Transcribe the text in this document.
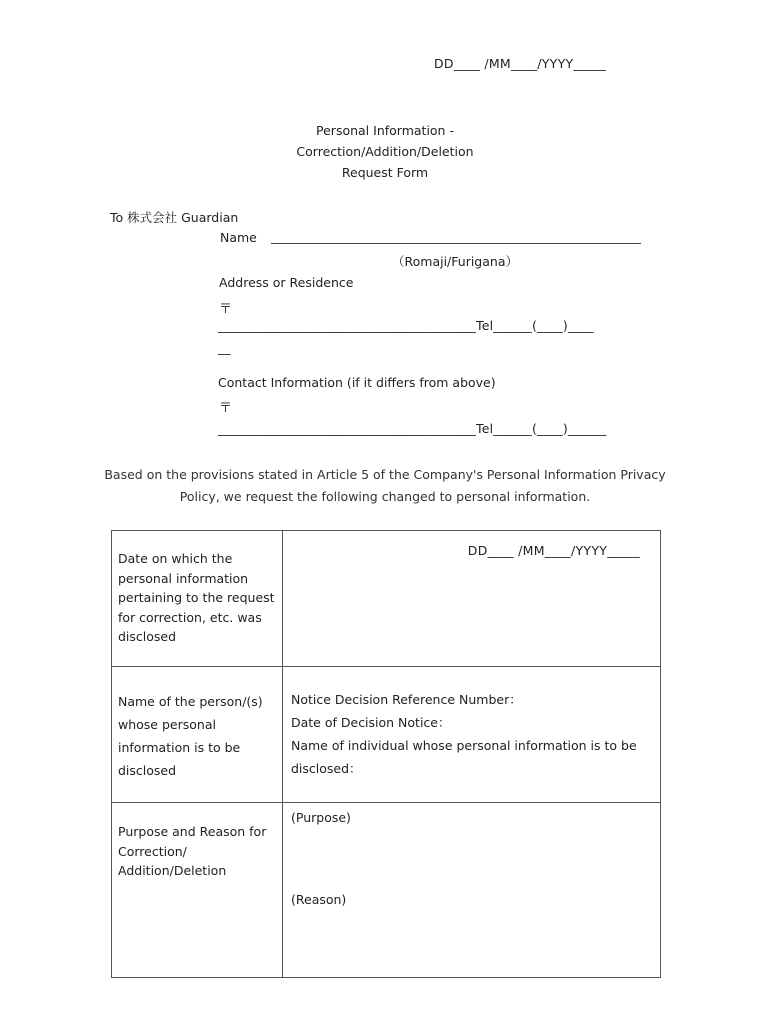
DD____ /MM____/YYYY_____
Personal Information -
Correction/Addition/Deletion
Request Form
To 株式会社 Guardian
Name
（Romaji/Furigana）
Address or Residence
〒
________________________________________Tel______(____)____
__
Contact Information (if it differs from above)
〒
________________________________________Tel______(____)______
Based on the provisions stated in Article 5 of the Company's Personal Information Privacy
Policy, we request the following changed to personal information.
Date on which the personal information pertaining to the request for correction, etc. was disclosed	DD____ /MM____/YYYY_____
Name of the person/(s) whose personal information is to be disclosed	Notice Decision Reference Number：
Date of Decision Notice：
Name of individual whose personal information is to be disclosed：

Purpose and Reason for Correction/ Addition/Deletion	(Purpose)
(Reason)
